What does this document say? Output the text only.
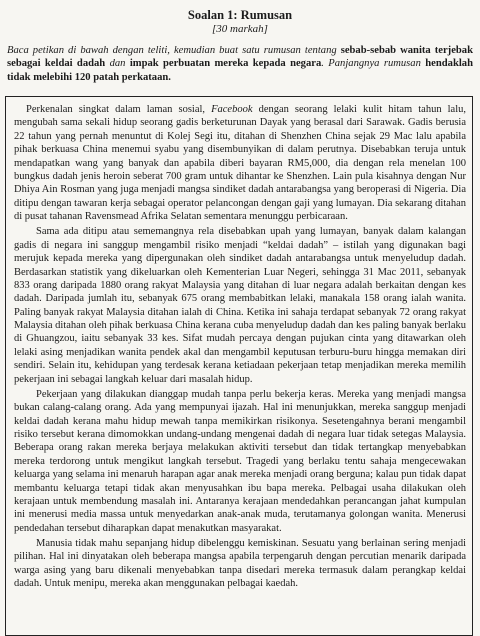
Soalan 1: Rumusan
[30 markah]
Baca petikan di bawah dengan teliti, kemudian buat satu rumusan tentang sebab-sebab wanita terjebak sebagai keldai dadah dan impak perbuatan mereka kepada negara. Panjangnya rumusan hendaklah tidak melebihi 120 patah perkataan.

Perkenalan singkat dalam laman sosial, Facebook dengan seorang lelaki kulit hitam tahun lalu, mengubah sama sekali hidup seorang gadis berketurunan Dayak yang berasal dari Sarawak. Gadis berusia 22 tahun yang pernah menuntut di Kolej Segi itu, ditahan di Shenzhen China sejak 29 Mac lalu apabila pihak berkuasa China menemui syabu yang disembunyikan di dalam perutnya. Disebabkan teruja untuk mendapatkan wang yang banyak dan apabila diberi bayaran RM5,000, dia dengan rela menelan 100 bungkus dadah jenis heroin seberat 700 gram untuk dihantar ke Shenzhen. Lain pula kisahnya dengan Nur Dhiya Ain Rosman yang juga menjadi mangsa sindiket dadah antarabangsa yang beroperasi di Nigeria. Dia ditipu dengan tawaran kerja sebagai operator pelancongan dengan gaji yang lumayan. Dia sekarang ditahan di pusat tahanan Ravensmead Afrika Selatan sementara menunggu perbicaraan.

Sama ada ditipu atau sememangnya rela disebabkan upah yang lumayan, banyak dalam kalangan gadis di negara ini sanggup mengambil risiko menjadi “keldai dadah” – istilah yang digunakan bagi merujuk kepada mereka yang dipergunakan oleh sindiket dadah antarabangsa untuk menyeludup dadah. Berdasarkan statistik yang dikeluarkan oleh Kementerian Luar Negeri, sehingga 31 Mac 2011, sebanyak 833 orang daripada 1880 orang rakyat Malaysia yang ditahan di luar negara adalah berkaitan dengan kes dadah. Daripada jumlah itu, sebanyak 675 orang membabitkan lelaki, manakala 158 orang ialah wanita. Paling banyak rakyat Malaysia ditahan ialah di China. Ketika ini sahaja terdapat sebanyak 72 orang rakyat Malaysia ditahan oleh pihak berkuasa China kerana cuba menyeludup dadah dan kes paling banyak berlaku di Ghuangzou, iaitu sebanyak 33 kes. Sifat mudah percaya dengan pujukan cinta yang ditawarkan oleh lelaki asing menjadikan wanita pendek akal dan mengambil keputusan terburu-buru hingga memakan diri sendiri. Selain itu, kehidupan yang terdesak kerana ketiadaan pekerjaan tetap menjadikan mereka memilih pekerjaan ini sebagai langkah keluar dari masalah hidup.

Pekerjaan yang dilakukan dianggap mudah tanpa perlu bekerja keras. Mereka yang menjadi mangsa bukan calang-calang orang. Ada yang mempunyai ijazah. Hal ini menunjukkan, mereka sanggup menjadi keldai dadah kerana mahu hidup mewah tanpa memikirkan risikonya. Sesetengahnya berani mengambil risiko tersebut kerana dimomokkan undang-undang mengenai dadah di negara luar tidak setegas Malaysia. Beberapa orang rakan mereka berjaya melakukan aktiviti tersebut dan tidak tertangkap menyebabkan mereka terdorong untuk mengikut langkah tersebut. Tragedi yang berlaku tentu sahaja mengecewakan keluarga yang selama ini menaruh harapan agar anak mereka menjadi orang berguna; kalau pun tidak dapat membantu keluarga tetapi tidak akan menyusahkan ibu bapa mereka. Pelbagai usaha dilakukan oleh kerajaan untuk membendung masalah ini. Antaranya kerajaan mendedahkan perancangan jahat kumpulan ini menerusi media massa untuk menyedarkan anak-anak muda, terutamanya golongan wanita. Menerusi pendedahan tersebut diharapkan dapat menakutkan masyarakat.

Manusia tidak mahu sepanjang hidup dibelenggu kemiskinan. Sesuatu yang berlainan sering menjadi pilihan. Hal ini dinyatakan oleh beberapa mangsa apabila terpengaruh dengan percutian menarik daripada warga asing yang baru dikenali menyebabkan tanpa disedari mereka termasuk dalam perangkap keldai dadah. Untuk menipu, mereka akan menggunakan pelbagai kaedah.
